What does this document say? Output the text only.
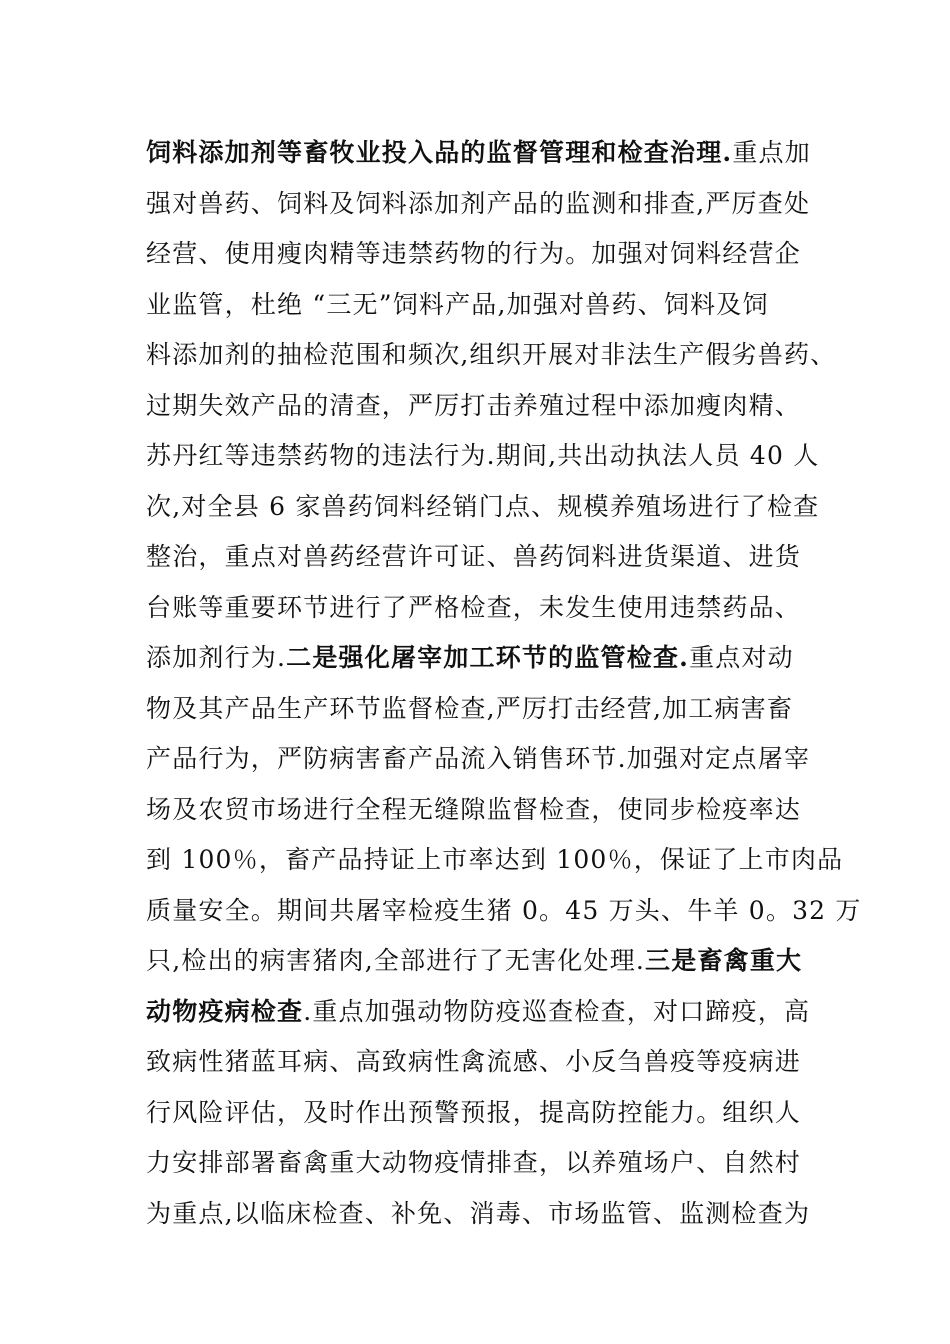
饲料添加剂等畜牧业投入品的监督管理和检查治理.重点加
强对兽药、饲料及饲料添加剂产品的监测和排查,严厉查处
经营、使用瘦肉精等违禁药物的行为。加强对饲料经营企
业监管，杜绝 “三无”饲料产品,加强对兽药、饲料及饲
料添加剂的抽检范围和频次,组织开展对非法生产假劣兽药、
过期失效产品的清查，严厉打击养殖过程中添加瘦肉精、
苏丹红等违禁药物的违法行为.期间,共出动执法人员 40 人
次,对全县 6 家兽药饲料经销门点、规模养殖场进行了检查
整治，重点对兽药经营许可证、兽药饲料进货渠道、进货
台账等重要环节进行了严格检查，未发生使用违禁药品、
添加剂行为.二是强化屠宰加工环节的监管检查.重点对动
物及其产品生产环节监督检查,严厉打击经营,加工病害畜
产品行为，严防病害畜产品流入销售环节.加强对定点屠宰
场及农贸市场进行全程无缝隙监督检查，使同步检疫率达
到 100％，畜产品持证上市率达到 100％，保证了上市肉品
质量安全。期间共屠宰检疫生猪 0。45 万头、牛羊 0。32 万
只,检出的病害猪肉,全部进行了无害化处理.三是畜禽重大
动物疫病检查.重点加强动物防疫巡查检查，对口蹄疫，高
致病性猪蓝耳病、高致病性禽流感、小反刍兽疫等疫病进
行风险评估，及时作出预警预报，提高防控能力。组织人
力安排部署畜禽重大动物疫情排查，以养殖场户、自然村
为重点,以临床检查、补免、消毒、市场监管、监测检查为
